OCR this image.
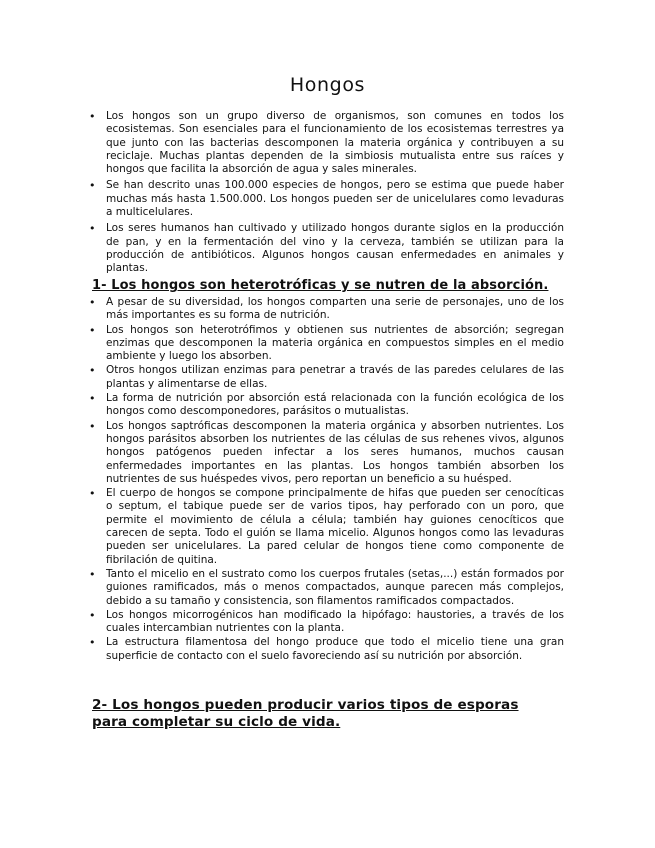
Hongos
• Los hongos son un grupo diverso de organismos, son comunes en todos los ecosistemas. Son esenciales para el funcionamiento de los ecosistemas terrestres ya que junto con las bacterias descomponen la materia orgánica y contribuyen a su reciclaje. Muchas plantas dependen de la simbiosis mutualista entre sus raíces y hongos que facilita la absorción de agua y sales minerales.
• Se han descrito unas 100.000 especies de hongos, pero se estima que puede haber muchas más hasta 1.500.000. Los hongos pueden ser de unicelulares como levaduras a multicelulares.
• Los seres humanos han cultivado y utilizado hongos durante siglos en la producción de pan, y en la fermentación del vino y la cerveza, también se utilizan para la producción de antibióticos. Algunos hongos causan enfermedades en animales y plantas.
1- Los hongos son heterotróficas y se nutren de la absorción.
• A pesar de su diversidad, los hongos comparten una serie de personajes, uno de los más importantes es su forma de nutrición.
• Los hongos son heterotrófimos y obtienen sus nutrientes de absorción; segregan enzimas que descomponen la materia orgánica en compuestos simples en el medio ambiente y luego los absorben.
• Otros hongos utilizan enzimas para penetrar a través de las paredes celulares de las plantas y alimentarse de ellas.
• La forma de nutrición por absorción está relacionada con la función ecológica de los hongos como descomponedores, parásitos o mutualistas.
• Los hongos saptróficas descomponen la materia orgánica y absorben nutrientes. Los hongos parásitos absorben los nutrientes de las células de sus rehenes vivos, algunos hongos patógenos pueden infectar a los seres humanos, muchos causan enfermedades importantes en las plantas. Los hongos también absorben los nutrientes de sus huéspedes vivos, pero reportan un beneficio a su huésped.
• El cuerpo de hongos se compone principalmente de hifas que pueden ser cenocíticas o septum, el tabique puede ser de varios tipos, hay perforado con un poro, que permite el movimiento de célula a célula; también hay guiones cenocíticos que carecen de septa. Todo el guión se llama micelio. Algunos hongos como las levaduras pueden ser unicelulares. La pared celular de hongos tiene como componente de fibrilación de quitina.
• Tanto el micelio en el sustrato como los cuerpos frutales (setas,...) están formados por guiones ramificados, más o menos compactados, aunque parecen más complejos, debido a su tamaño y consistencia, son filamentos ramificados compactados.
• Los hongos micorrogénicos han modificado la hipófago: haustories, a través de los cuales intercambian nutrientes con la planta.
• La estructura filamentosa del hongo produce que todo el micelio tiene una gran superficie de contacto con el suelo favoreciendo así su nutrición por absorción.
2- Los hongos pueden producir varios tipos de esporas para completar su ciclo de vida.
